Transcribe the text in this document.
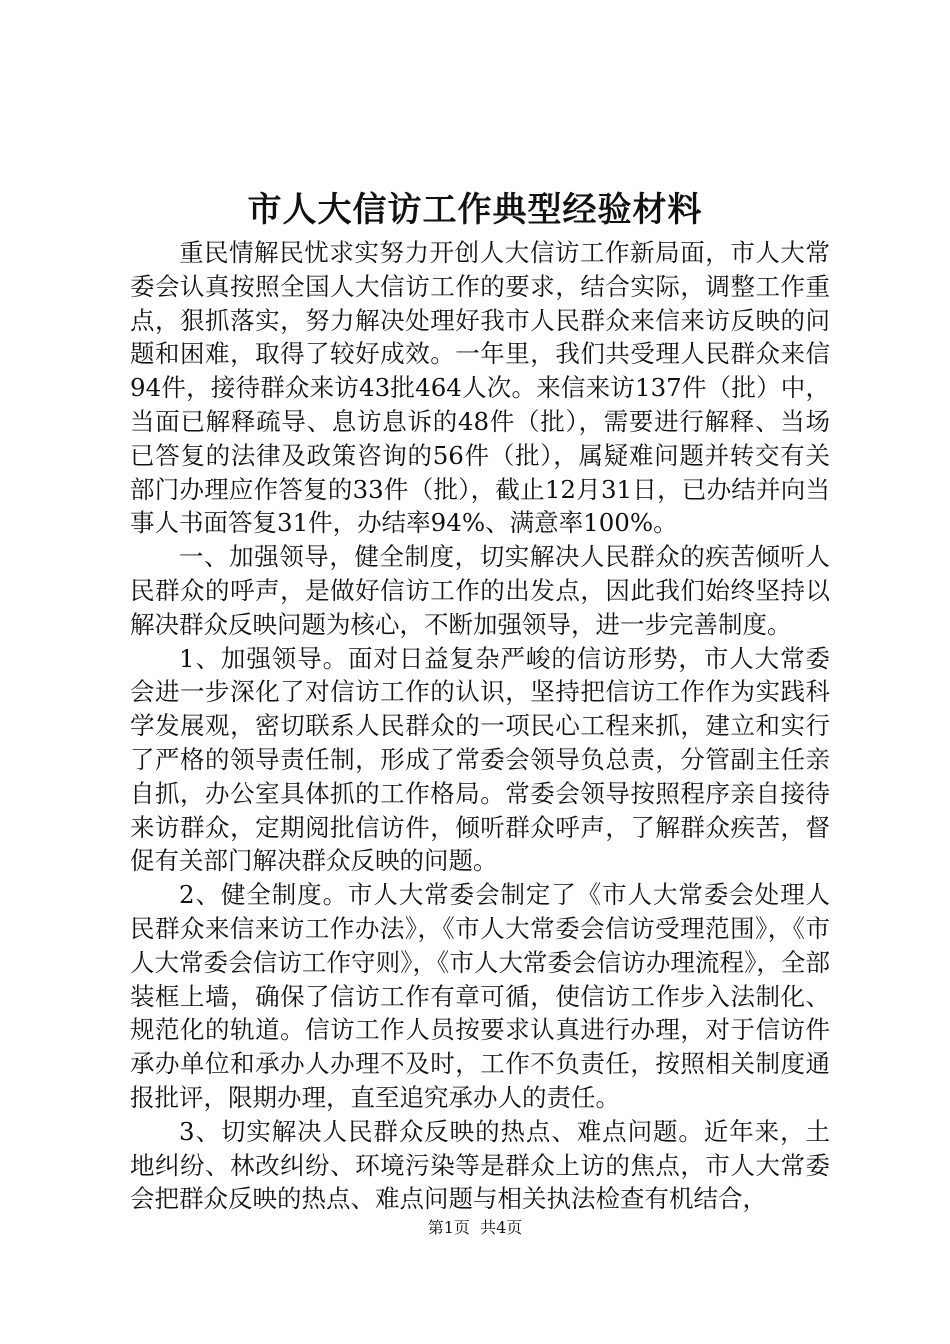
市人大信访工作典型经验材料

重民情解民忧求实努力开创人大信访工作新局面，市人大常委会认真按照全国人大信访工作的要求，结合实际，调整工作重点，狠抓落实，努力解决处理好我市人民群众来信来访反映的问题和困难，取得了较好成效。一年里，我们共受理人民群众来信94件，接待群众来访43批464人次。来信来访137件（批）中，当面已解释疏导、息访息诉的48件（批），需要进行解释、当场已答复的法律及政策咨询的56件（批），属疑难问题并转交有关部门办理应作答复的33件（批），截止12月31日，已办结并向当事人书面答复31件，办结率94%、满意率100%。

一、加强领导，健全制度，切实解决人民群众的疾苦倾听人民群众的呼声，是做好信访工作的出发点，因此我们始终坚持以解决群众反映问题为核心，不断加强领导，进一步完善制度。

1、加强领导。面对日益复杂严峻的信访形势，市人大常委会进一步深化了对信访工作的认识，坚持把信访工作作为实践科学发展观，密切联系人民群众的一项民心工程来抓，建立和实行了严格的领导责任制，形成了常委会领导负总责，分管副主任亲自抓，办公室具体抓的工作格局。常委会领导按照程序亲自接待来访群众，定期阅批信访件，倾听群众呼声，了解群众疾苦，督促有关部门解决群众反映的问题。

2、健全制度。市人大常委会制定了《市人大常委会处理人民群众来信来访工作办法》，《市人大常委会信访受理范围》，《市人大常委会信访工作守则》，《市人大常委会信访办理流程》，全部装框上墙，确保了信访工作有章可循，使信访工作步入法制化、规范化的轨道。信访工作人员按要求认真进行办理，对于信访件承办单位和承办人办理不及时，工作不负责任，按照相关制度通报批评，限期办理，直至追究承办人的责任。

3、切实解决人民群众反映的热点、难点问题。近年来，土地纠纷、林改纠纷、环境污染等是群众上访的焦点，市人大常委会把群众反映的热点、难点问题与相关执法检查有机结合，

第1页  共4页
